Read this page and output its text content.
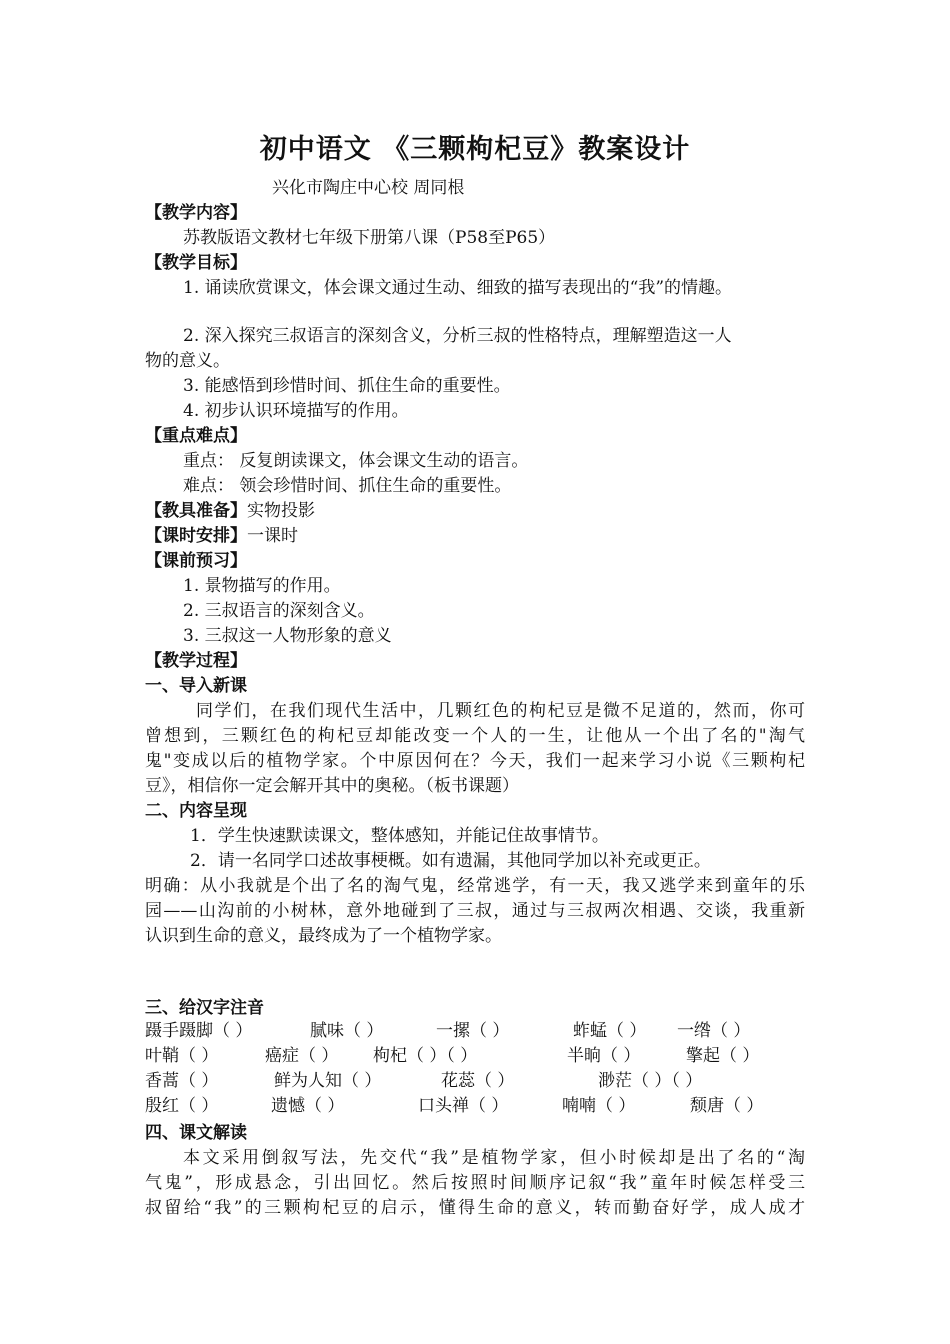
初中语文 《三颗枸杞豆》教案设计
兴化市陶庄中心校 周同根
【教学内容】
苏教版语文教材七年级下册第八课（P58至P65）
【教学目标】
1. 诵读欣赏课文，体会课文通过生动、细致的描写表现出的“我”的情趣。
2. 深入探究三叔语言的深刻含义，分析三叔的性格特点，理解塑造这一人
物的意义。
3. 能感悟到珍惜时间、抓住生命的重要性。
4. 初步认识环境描写的作用。
【重点难点】
重点： 反复朗读课文，体会课文生动的语言。
难点： 领会珍惜时间、抓住生命的重要性。
【教具准备】实物投影
【课时安排】一课时
【课前预习】
1. 景物描写的作用。
2. 三叔语言的深刻含义。
3. 三叔这一人物形象的意义
【教学过程】
一、导入新课
同学们，在我们现代生活中，几颗红色的枸杞豆是微不足道的，然而，你可
曾想到，三颗红色的枸杞豆却能改变一个人的一生，让他从一个出了名的"淘气
鬼"变成以后的植物学家。个中原因何在？今天，我们一起来学习小说《三颗枸杞
豆》，相信你一定会解开其中的奥秘。（板书课题）
二、内容呈现
1．学生快速默读课文，整体感知，并能记住故事情节。
2．请一名同学口述故事梗概。如有遗漏，其他同学加以补充或更正。
明确：从小我就是个出了名的淘气鬼，经常逃学，有一天，我又逃学来到童年的乐
园——山沟前的小树林，意外地碰到了三叔，通过与三叔两次相遇、交谈，我重新
认识到生命的意义，最终成为了一个植物学家。
三、给汉字注音
蹑手蹑脚（ ）	腻味（ ）	一摞（ ）	蚱蜢（ ） 一绺（ ）
叶鞘（ ）	癌症（ ） 枸杞（ ）（ ）	半晌（ ）	擎起（ ）
香蒿（ ）	鲜为人知（ ）	花蕊（ ）	渺茫（ ）（ ）
殷红（ ）	遗憾（ ）	口头禅（ ）	喃喃（ ）	颓唐（ ）
四、课文解读
本文采用倒叙写法，先交代“我”是植物学家，但小时候却是出了名的“淘
气鬼”，形成悬念，引出回忆。然后按照时间顺序记叙“我”童年时候怎样受三
叔留给“我”的三颗枸杞豆的启示，懂得生命的意义，转而勤奋好学，成人成才
